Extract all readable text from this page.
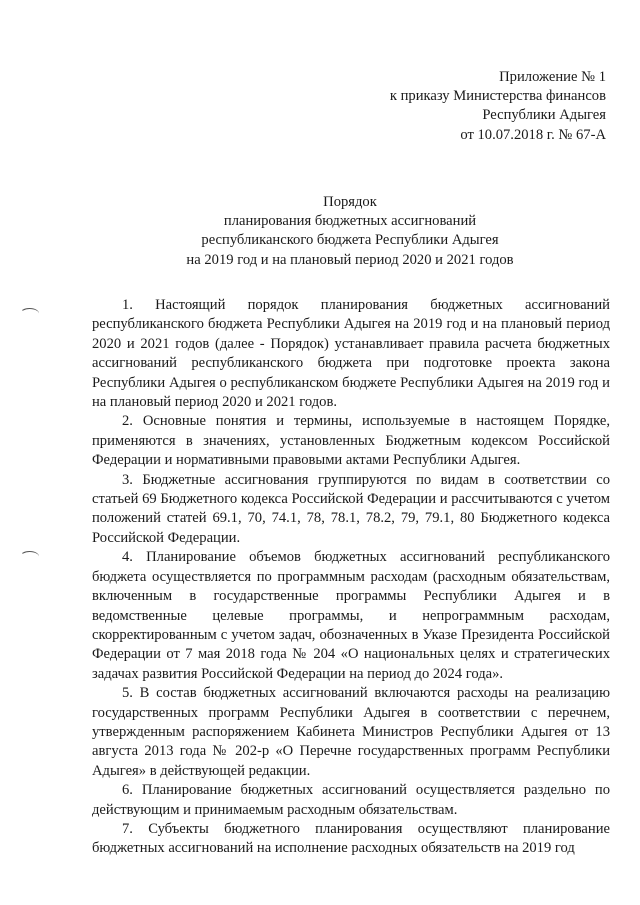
Приложение № 1
к приказу Министерства финансов
Республики Адыгея
от 10.07.2018 г. № 67-А
Порядок
планирования бюджетных ассигнований
республиканского бюджета Республики Адыгея
на 2019 год и на плановый период 2020 и 2021 годов

1. Настоящий порядок планирования бюджетных ассигнований республиканского бюджета Республики Адыгея на 2019 год и на плановый период 2020 и 2021 годов (далее - Порядок) устанавливает правила расчета бюджетных ассигнований республиканского бюджета при подготовке проекта закона Республики Адыгея о республиканском бюджете Республики Адыгея на 2019 год и на плановый период 2020 и 2021 годов.

2. Основные понятия и термины, используемые в настоящем Порядке, применяются в значениях, установленных Бюджетным кодексом Российской Федерации и нормативными правовыми актами Республики Адыгея.

3. Бюджетные ассигнования группируются по видам в соответствии со статьей 69 Бюджетного кодекса Российской Федерации и рассчитываются с учетом положений статей 69.1, 70, 74.1, 78, 78.1, 78.2, 79, 79.1, 80 Бюджетного кодекса Российской Федерации.

4. Планирование объемов бюджетных ассигнований республиканского бюджета осуществляется по программным расходам (расходным обязательствам, включенным в государственные программы Республики Адыгея и в ведомственные целевые программы, и непрограммным расходам, скорректированным с учетом задач, обозначенных в Указе Президента Российской Федерации от 7 мая 2018 года № 204 «О национальных целях и стратегических задачах развития Российской Федерации на период до 2024 года».

5. В состав бюджетных ассигнований включаются расходы на реализацию государственных программ Республики Адыгея в соответствии с перечнем, утвержденным распоряжением Кабинета Министров Республики Адыгея от 13 августа 2013 года № 202-р «О Перечне государственных программ Республики Адыгея» в действующей редакции.

6. Планирование бюджетных ассигнований осуществляется раздельно по действующим и принимаемым расходным обязательствам.

7. Субъекты бюджетного планирования осуществляют планирование бюджетных ассигнований на исполнение расходных обязательств на 2019 год
